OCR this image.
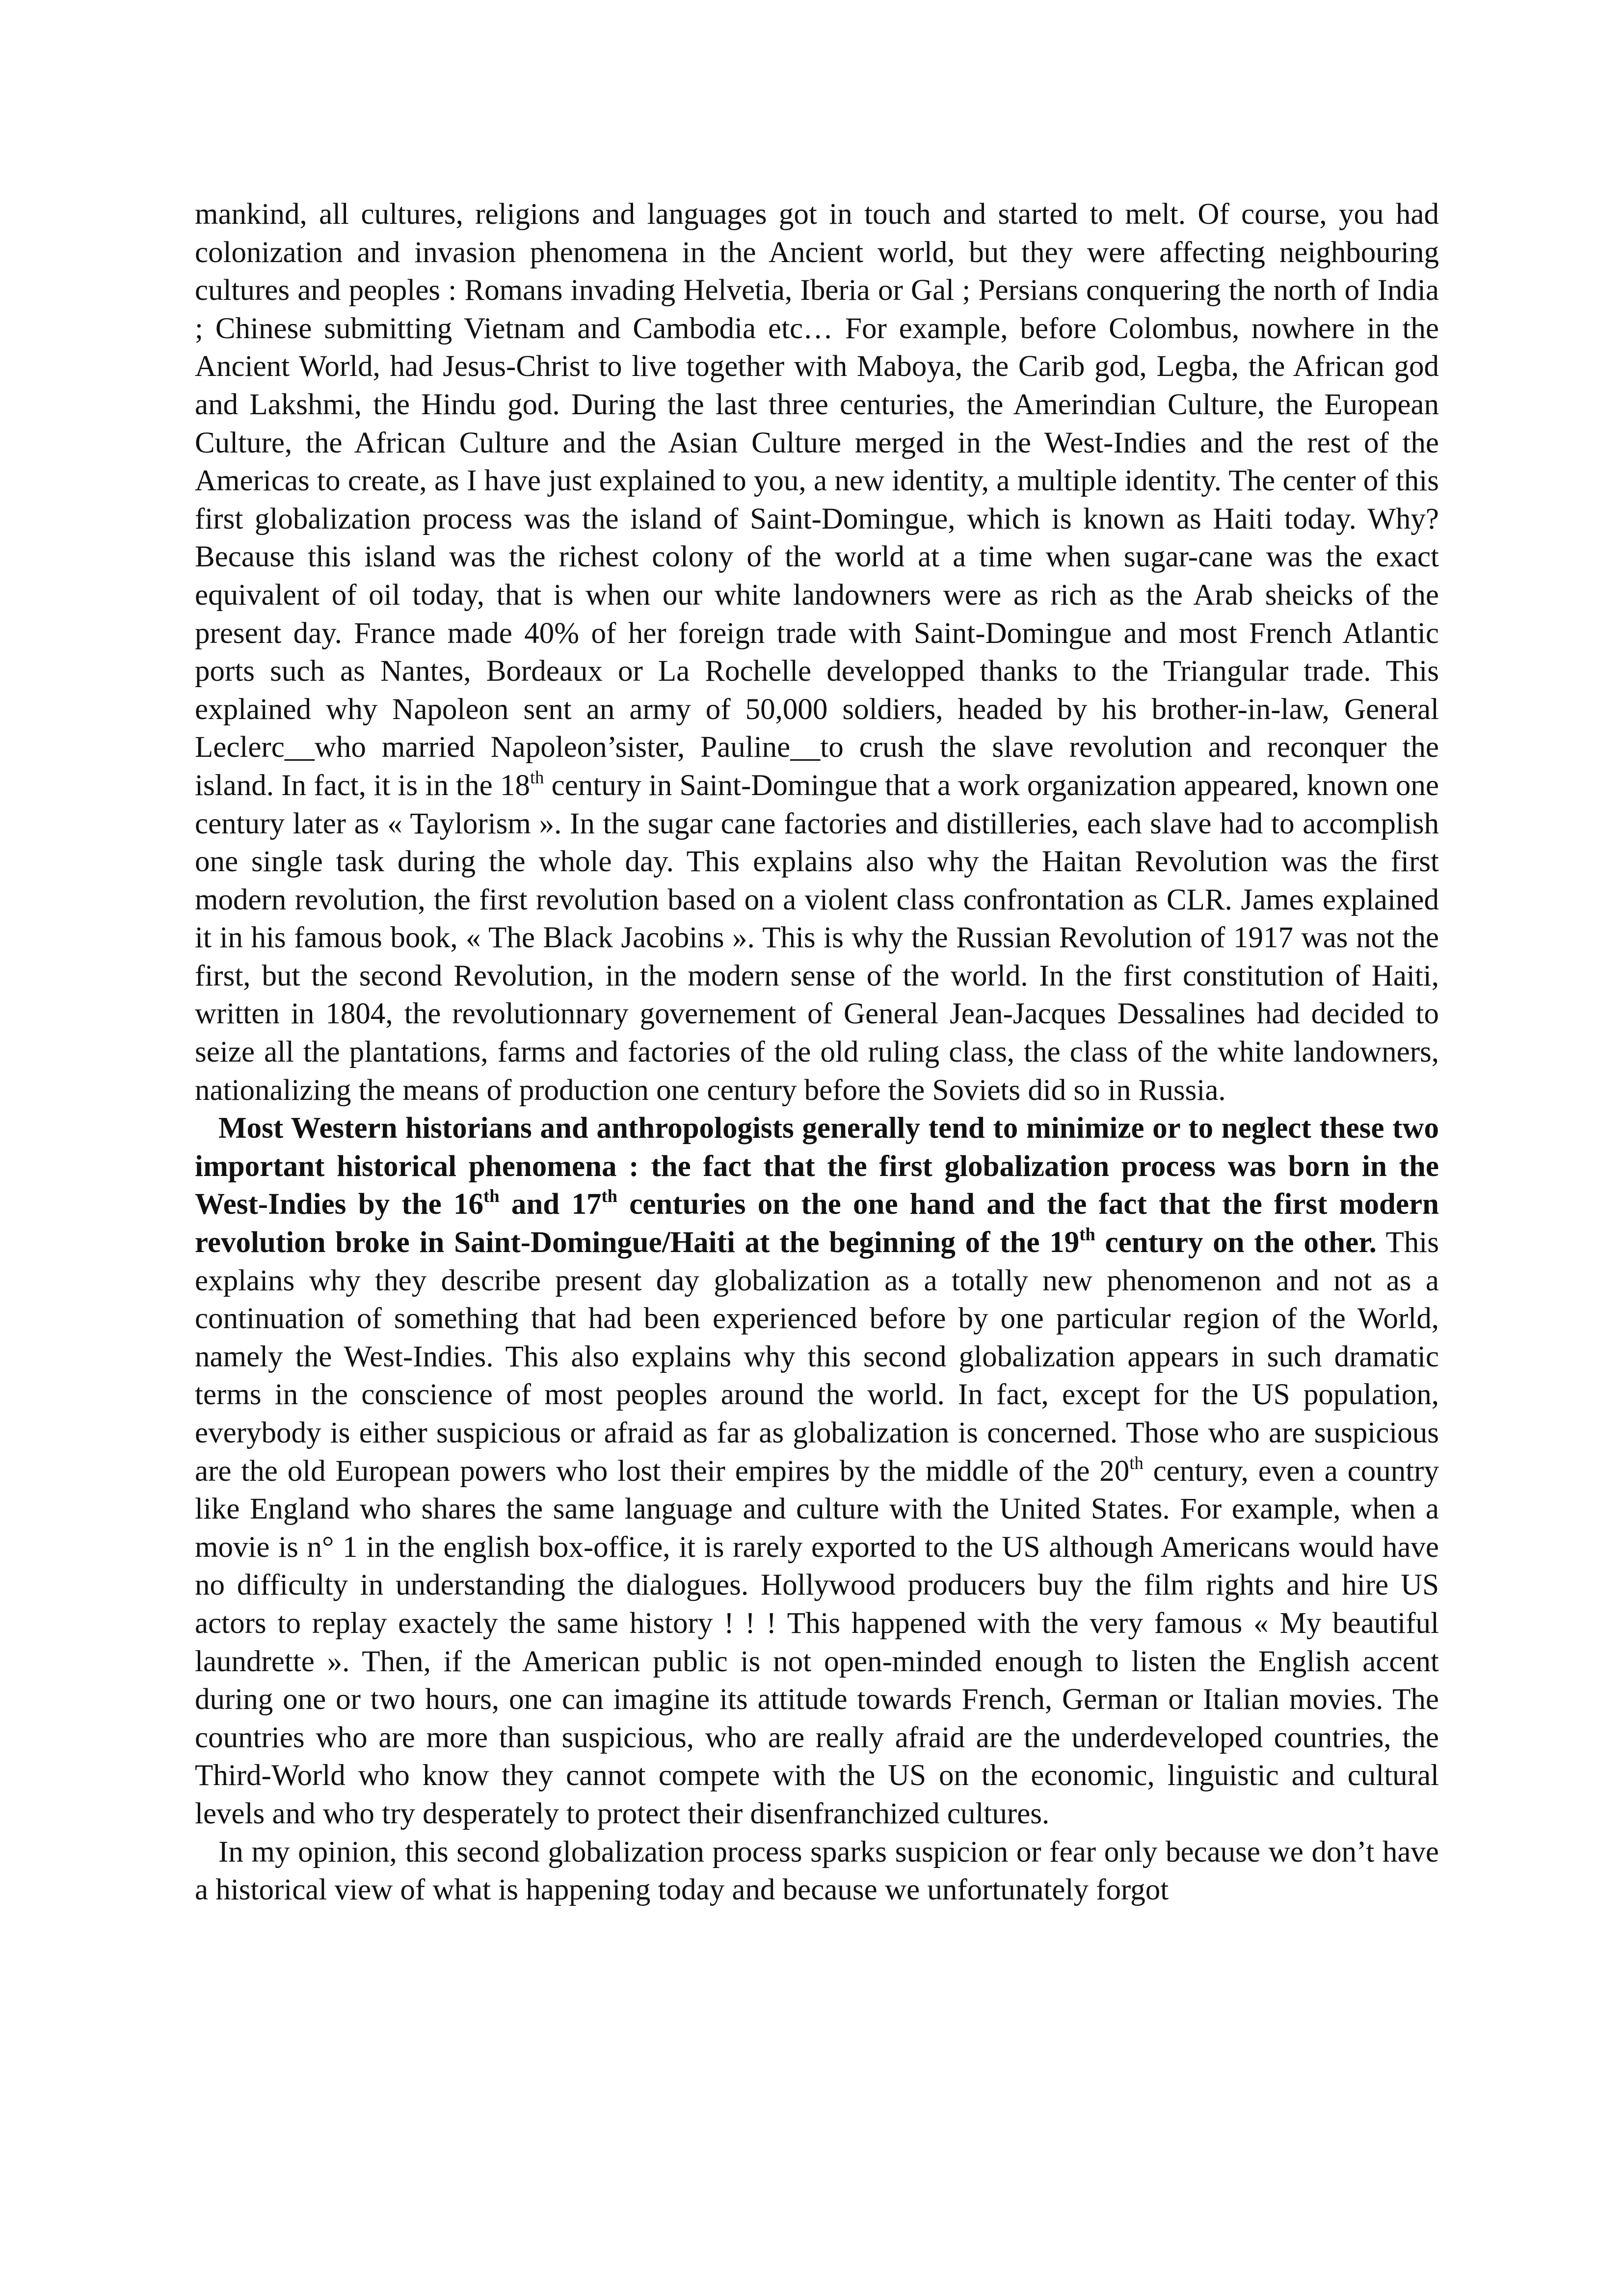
mankind, all cultures, religions and languages got in touch and started to melt. Of course, you had colonization and invasion phenomena in the Ancient world, but they were affecting neighbouring cultures and peoples : Romans invading Helvetia, Iberia or Gal ; Persians conquering the north of India ; Chinese submitting Vietnam and Cambodia etc… For example, before Colombus, nowhere in the Ancient World, had Jesus-Christ to live together with Maboya, the Carib god, Legba, the African god and Lakshmi, the Hindu god. During the last three centuries, the Amerindian Culture, the European Culture, the African Culture and the Asian Culture merged in the West-Indies and the rest of the Americas to create, as I have just explained to you, a new identity, a multiple identity. The center of this first globalization process was the island of Saint-Domingue, which is known as Haiti today. Why? Because this island was the richest colony of the world at a time when sugar-cane was the exact equivalent of oil today, that is when our white landowners were as rich as the Arab sheicks of the present day. France made 40% of her foreign trade with Saint-Domingue and most French Atlantic ports such as Nantes, Bordeaux or La Rochelle developped thanks to the Triangular trade. This explained why Napoleon sent an army of 50,000 soldiers, headed by his brother-in-law, General Leclerc__who married Napoleon’sister, Pauline__to crush the slave revolution and reconquer the island. In fact, it is in the 18th century in Saint-Domingue that a work organization appeared, known one century later as « Taylorism ». In the sugar cane factories and distilleries, each slave had to accomplish one single task during the whole day. This explains also why the Haitan Revolution was the first modern revolution, the first revolution based on a violent class confrontation as CLR. James explained it in his famous book, « The Black Jacobins ». This is why the Russian Revolution of 1917 was not the first, but the second Revolution, in the modern sense of the world. In the first constitution of Haiti, written in 1804, the revolutionnary governement of General Jean-Jacques Dessalines had decided to seize all the plantations, farms and factories of the old ruling class, the class of the white landowners, nationalizing the means of production one century before the Soviets did so in Russia.

Most Western historians and anthropologists generally tend to minimize or to neglect these two important historical phenomena : the fact that the first globalization process was born in the West-Indies by the 16th and 17th centuries on the one hand and the fact that the first modern revolution broke in Saint-Domingue/Haiti at the beginning of the 19th century on the other. This explains why they describe present day globalization as a totally new phenomenon and not as a continuation of something that had been experienced before by one particular region of the World, namely the West-Indies. This also explains why this second globalization appears in such dramatic terms in the conscience of most peoples around the world. In fact, except for the US population, everybody is either suspicious or afraid as far as globalization is concerned. Those who are suspicious are the old European powers who lost their empires by the middle of the 20th century, even a country like England who shares the same language and culture with the United States. For example, when a movie is n° 1 in the english box-office, it is rarely exported to the US although Americans would have no difficulty in understanding the dialogues. Hollywood producers buy the film rights and hire US actors to replay exactely the same history ! ! ! This happened with the very famous « My beautiful laundrette ». Then, if the American public is not open-minded enough to listen the English accent during one or two hours, one can imagine its attitude towards French, German or Italian movies. The countries who are more than suspicious, who are really afraid are the underdeveloped countries, the Third-World who know they cannot compete with the US on the economic, linguistic and cultural levels and who try desperately to protect their disenfranchized cultures.

In my opinion, this second globalization process sparks suspicion or fear only because we don’t have a historical view of what is happening today and because we unfortunately forgot
